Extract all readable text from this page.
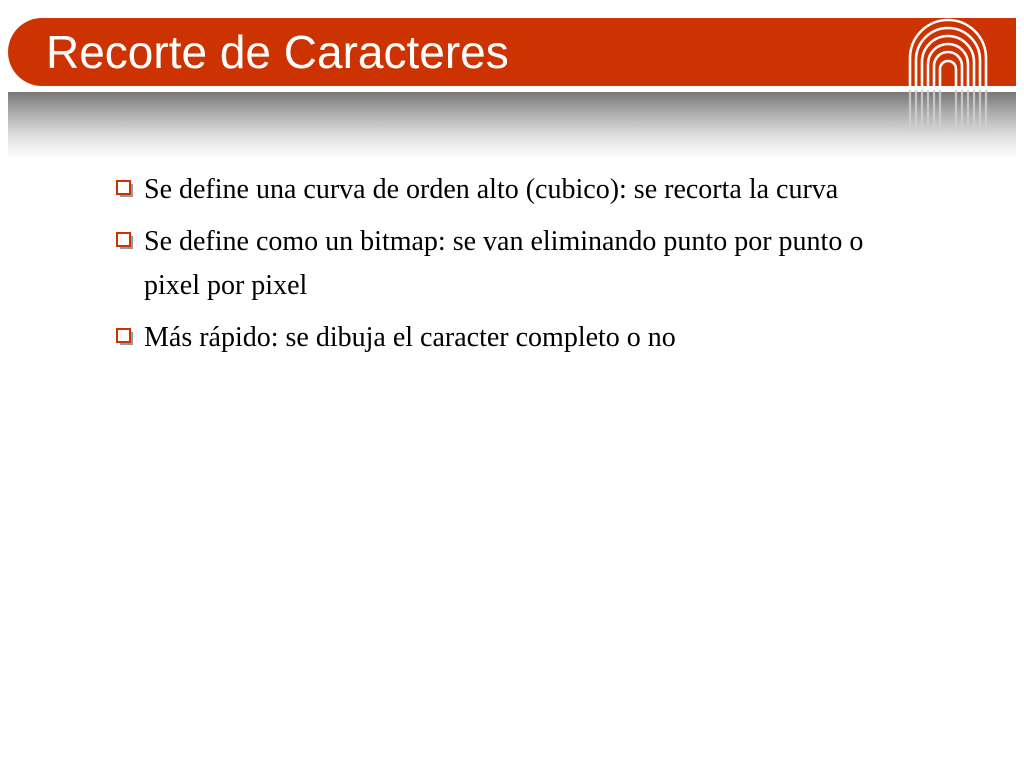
Recorte de Caracteres
Se define una curva de orden alto (cubico): se recorta la curva
Se define como un bitmap: se van eliminando punto por punto o pixel por pixel
Más rápido: se dibuja el caracter completo o no
